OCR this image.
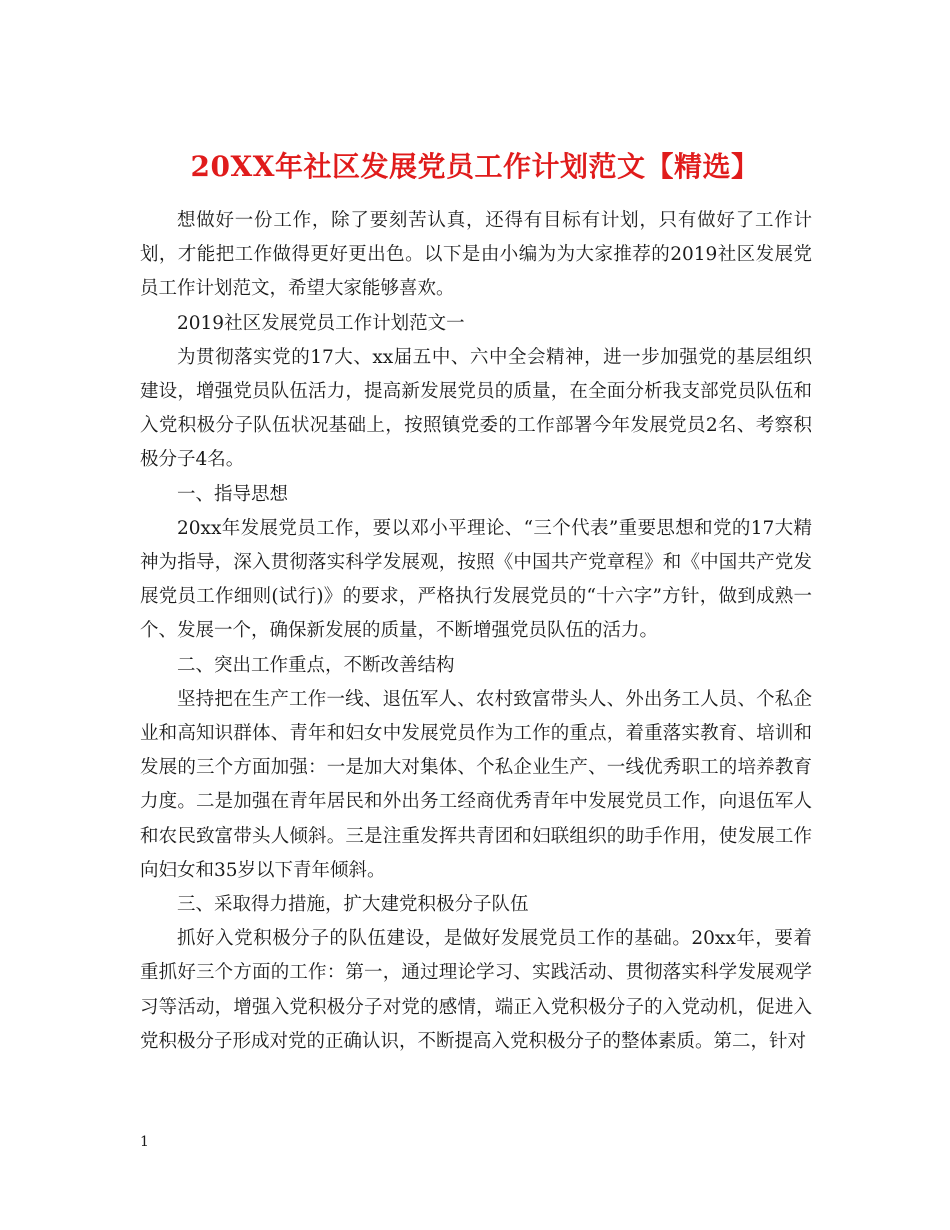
20XX年社区发展党员工作计划范文【精选】

想做好一份工作，除了要刻苦认真，还得有目标有计划，只有做好了工作计划，才能把工作做得更好更出色。以下是由小编为为大家推荐的2019社区发展党员工作计划范文，希望大家能够喜欢。

2019社区发展党员工作计划范文一

为贯彻落实党的17大、xx届五中、六中全会精神，进一步加强党的基层组织建设，增强党员队伍活力，提高新发展党员的质量，在全面分析我支部党员队伍和入党积极分子队伍状况基础上，按照镇党委的工作部署今年发展党员2名、考察积极分子4名。

一、指导思想

20xx年发展党员工作，要以邓小平理论、“三个代表”重要思想和党的17大精神为指导，深入贯彻落实科学发展观，按照《中国共产党章程》和《中国共产党发展党员工作细则(试行)》的要求，严格执行发展党员的“十六字”方针，做到成熟一个、发展一个，确保新发展的质量，不断增强党员队伍的活力。

二、突出工作重点，不断改善结构

坚持把在生产工作一线、退伍军人、农村致富带头人、外出务工人员、个私企业和高知识群体、青年和妇女中发展党员作为工作的重点，着重落实教育、培训和发展的三个方面加强：一是加大对集体、个私企业生产、一线优秀职工的培养教育力度。二是加强在青年居民和外出务工经商优秀青年中发展党员工作，向退伍军人和农民致富带头人倾斜。三是注重发挥共青团和妇联组织的助手作用，使发展工作向妇女和35岁以下青年倾斜。

三、采取得力措施，扩大建党积极分子队伍

抓好入党积极分子的队伍建设，是做好发展党员工作的基础。20xx年，要着重抓好三个方面的工作：第一，通过理论学习、实践活动、贯彻落实科学发展观学习等活动，增强入党积极分子对党的感情，端正入党积极分子的入党动机，促进入党积极分子形成对党的正确认识，不断提高入党积极分子的整体素质。第二，针对

1
